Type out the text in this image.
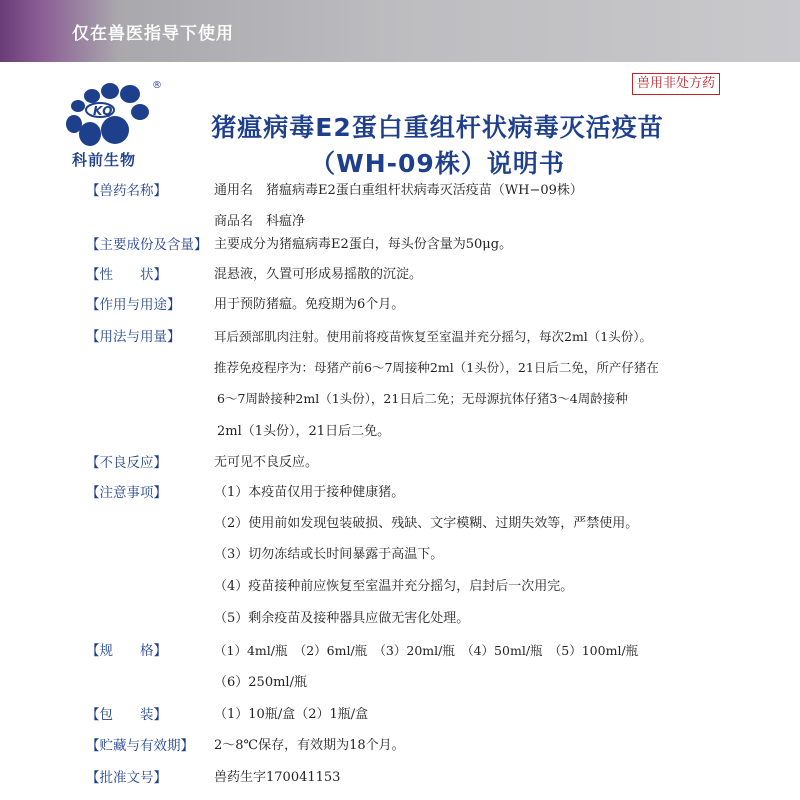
仅在兽医指导下使用
KQ
®
科前生物
兽用非处方药
猪瘟病毒E2蛋白重组杆状病毒灭活疫苗
（WH-09株）说明书
【兽药名称】	通用名　猪瘟病毒E2蛋白重组杆状病毒灭活疫苗（WH−09株）
商品名　科瘟净
【主要成份及含量】 主要成分为猪瘟病毒E2蛋白，每头份含量为50μg。
【性　　状】	混悬液，久置可形成易摇散的沉淀。
【作用与用途】	用于预防猪瘟。免疫期为6个月。
【用法与用量】	耳后颈部肌肉注射。使用前将疫苗恢复至室温并充分摇匀，每次2ml（1头份）。
推荐免疫程序为：母猪产前6～7周接种2ml（1头份），21日后二免，所产仔猪在
6～7周龄接种2ml（1头份），21日后二免；无母源抗体仔猪3～4周龄接种
2ml（1头份），21日后二免。
【不良反应】	无可见不良反应。
【注意事项】	（1）本疫苗仅用于接种健康猪。
（2）使用前如发现包装破损、残缺、文字模糊、过期失效等，严禁使用。
（3）切勿冻结或长时间暴露于高温下。
（4）疫苗接种前应恢复至室温并充分摇匀，启封后一次用完。
（5）剩余疫苗及接种器具应做无害化处理。
【规　　格】	（1）4ml/瓶　（2）6ml/瓶　（3）20ml/瓶　（4）50ml/瓶　（5）100ml/瓶
（6）250ml/瓶
【包　　装】	（1）10瓶/盒（2）1瓶/盒
【贮藏与有效期】 2～8℃保存，有效期为18个月。
【批准文号】	兽药生字170041153
